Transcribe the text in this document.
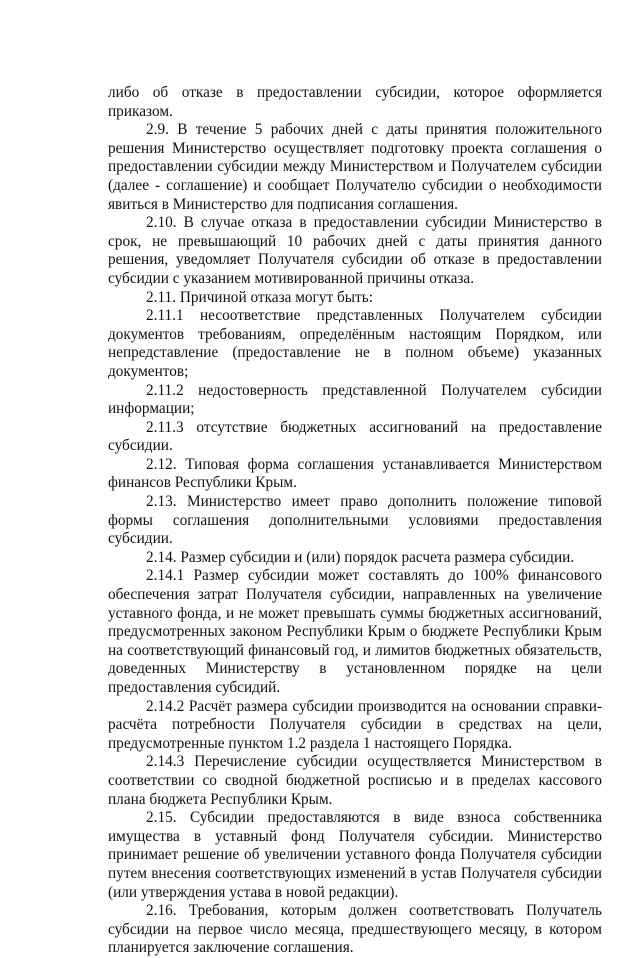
либо об отказе в предоставлении субсидии, которое оформляется приказом.

2.9. В течение 5 рабочих дней с даты принятия положительного решения Министерство осуществляет подготовку проекта соглашения о предоставлении субсидии между Министерством и Получателем субсидии (далее - соглашение) и сообщает Получателю субсидии о необходимости явиться в Министерство для подписания соглашения.

2.10. В случае отказа в предоставлении субсидии Министерство в срок, не превышающий 10 рабочих дней с даты принятия данного решения, уведомляет Получателя субсидии об отказе в предоставлении субсидии с указанием мотивированной причины отказа.

2.11. Причиной отказа могут быть:

2.11.1 несоответствие представленных Получателем субсидии документов требованиям, определённым настоящим Порядком, или непредставление (предоставление не в полном объеме) указанных документов;

2.11.2 недостоверность представленной Получателем субсидии информации;

2.11.3 отсутствие бюджетных ассигнований на предоставление субсидии.

2.12. Типовая форма соглашения устанавливается Министерством финансов Республики Крым.

2.13. Министерство имеет право дополнить положение типовой формы соглашения дополнительными условиями предоставления субсидии.

2.14. Размер субсидии и (или) порядок расчета размера субсидии.

2.14.1 Размер субсидии может составлять до 100% финансового обеспечения затрат Получателя субсидии, направленных на увеличение уставного фонда, и не может превышать суммы бюджетных ассигнований, предусмотренных законом Республики Крым о бюджете Республики Крым на соответствующий финансовый год, и лимитов бюджетных обязательств, доведенных Министерству в установленном порядке на цели предоставления субсидий.

2.14.2 Расчёт размера субсидии производится на основании справки-расчёта потребности Получателя субсидии в средствах на цели, предусмотренные пунктом 1.2 раздела 1 настоящего Порядка.

2.14.3 Перечисление субсидии осуществляется Министерством в соответствии со сводной бюджетной росписью и в пределах кассового плана бюджета Республики Крым.

2.15. Субсидии предоставляются в виде взноса собственника имущества в уставный фонд Получателя субсидии. Министерство принимает решение об увеличении уставного фонда Получателя субсидии путем внесения соответствующих изменений в устав Получателя субсидии (или утверждения устава в новой редакции).

2.16. Требования, которым должен соответствовать Получатель субсидии на первое число месяца, предшествующего месяцу, в котором планируется заключение соглашения.
